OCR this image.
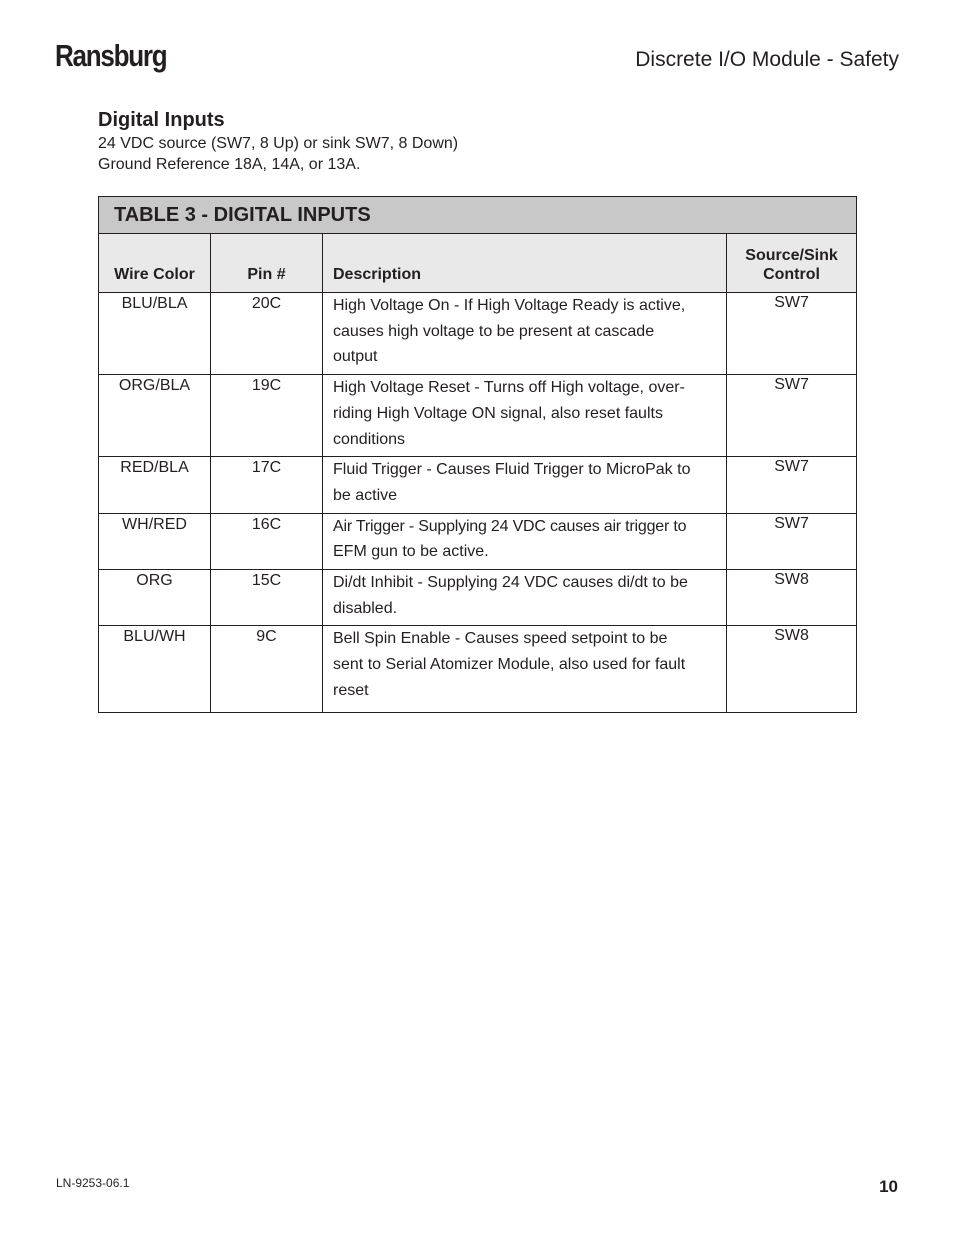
Ransburg	Discrete I/O Module - Safety
Digital Inputs
24 VDC source (SW7, 8 Up) or sink SW7, 8 Down)
Ground Reference 18A, 14A, or 13A.
TABLE 3 - DIGITAL INPUTS			
Wire Color	Pin #	Description	Source/Sink
Control
BLU/BLA	20C	High Voltage On - If High Voltage Ready is active,
causes high voltage to be present at cascade
output	SW7
ORG/BLA	19C	High Voltage Reset - Turns off High voltage, over-
riding High Voltage ON signal, also reset faults
conditions	SW7
RED/BLA	17C	Fluid Trigger - Causes Fluid Trigger to MicroPak to
be active	SW7
WH/RED	16C	Air Trigger - Supplying 24 VDC causes air trigger to
EFM gun to be active.	SW7
ORG	15C	Di/dt Inhibit - Supplying 24 VDC causes di/dt to be
disabled.	SW8
BLU/WH	9C	Bell Spin Enable - Causes speed setpoint to be
sent to Serial Atomizer Module, also used for fault
reset	SW8
LN-9253-06.1	10
